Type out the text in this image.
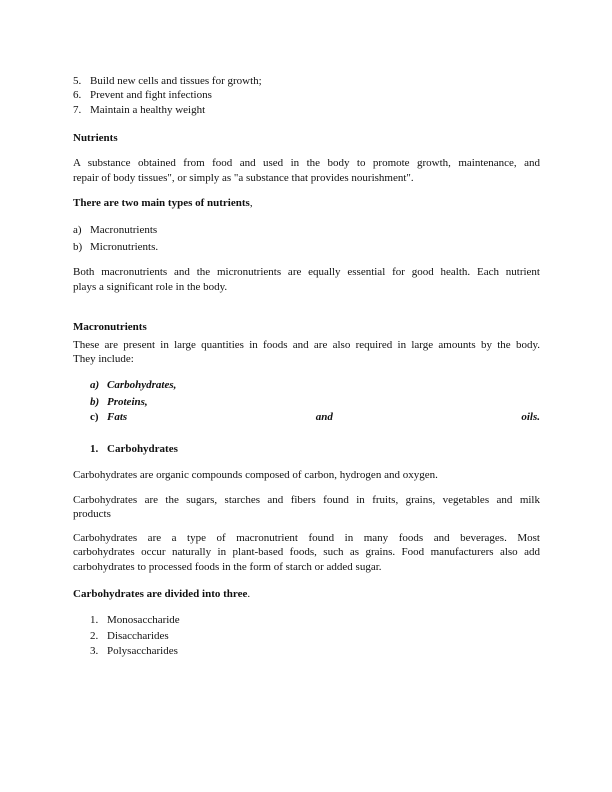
5. Build new cells and tissues for growth;
6. Prevent and fight infections
7. Maintain a healthy weight
Nutrients
A substance obtained from food and used in the body to promote growth, maintenance, and
repair of body tissues", or simply as "a substance that provides nourishment".
There are two main types of nutrients,
a) Macronutrients
b) Micronutrients.
Both macronutrients and the micronutrients are equally essential for good health. Each nutrient
plays a significant role in the body.
Macronutrients
These are present in large quantities in foods and are also required in large amounts by the body.
They include:
a) Carbohydrates,
b) Proteins,
c) Fats	and	oils.
1. Carbohydrates
Carbohydrates are organic compounds composed of carbon, hydrogen and oxygen.
Carbohydrates are the sugars, starches and fibers found in fruits, grains, vegetables and milk
products
Carbohydrates are a type of macronutrient found in many foods and beverages. Most
carbohydrates occur naturally in plant-based foods, such as grains. Food manufacturers also add
carbohydrates to processed foods in the form of starch or added sugar.
Carbohydrates are divided into three.
1. Monosaccharide
2. Disaccharides
3. Polysaccharides
